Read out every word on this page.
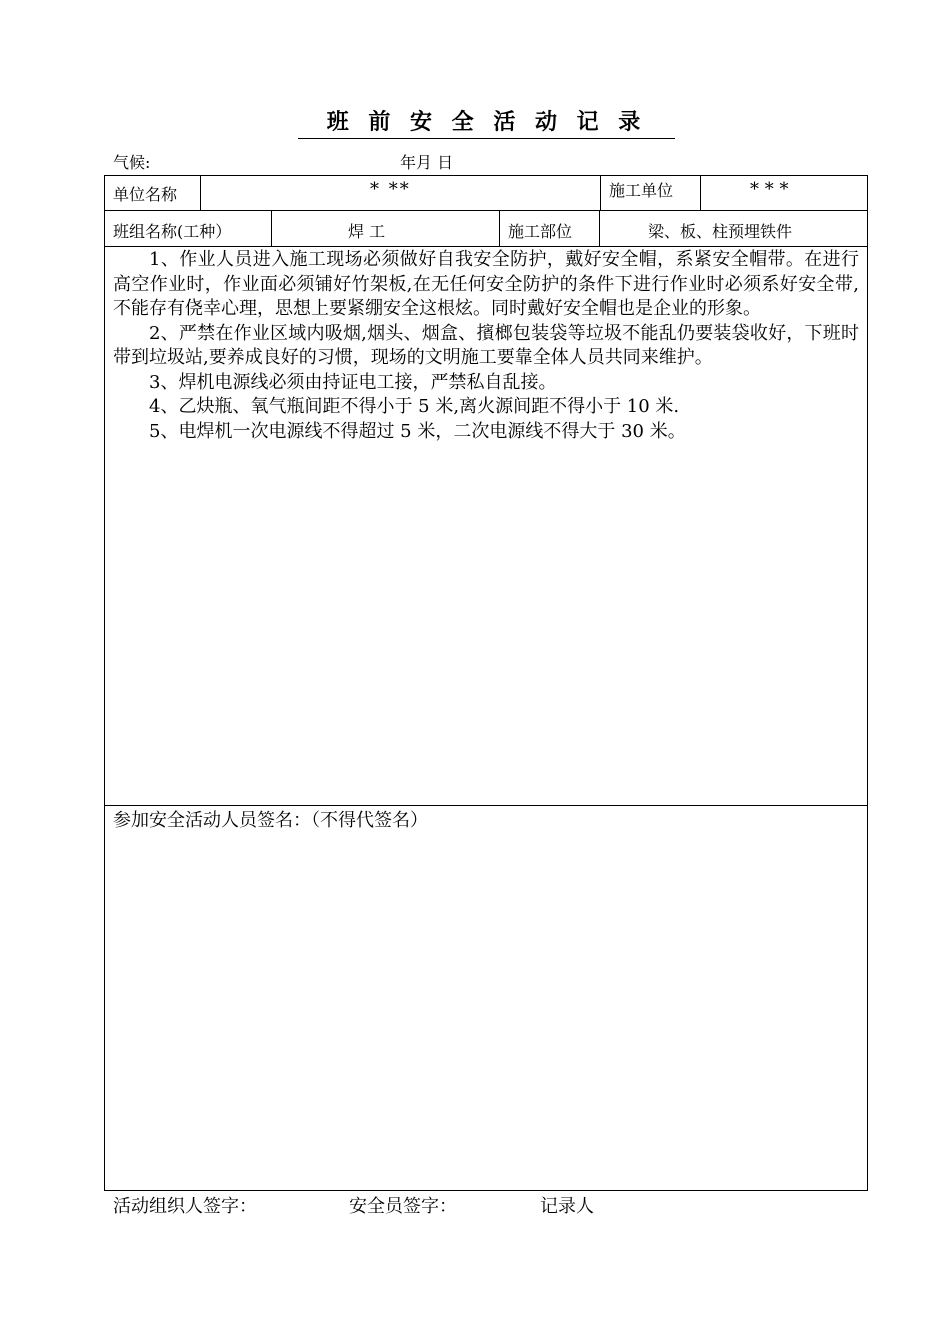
班 前 安 全 活 动 记 录
气候:	年月 日
单位名称	* **	施工单位	* * *
班组名称(工种）	焊 工	施工部位	梁、板、柱预埋铁件

1、作业人员进入施工现场必须做好自我安全防护，戴好安全帽，系紧安全帽带。在进行高空作业时，作业面必须铺好竹架板,在无任何安全防护的条件下进行作业时必须系好安全带,不能存有侥幸心理，思想上要紧绷安全这根炫。同时戴好安全帽也是企业的形象。

2、严禁在作业区域内吸烟,烟头、烟盒、擯榔包装袋等垃圾不能乱仍要装袋收好，下班时带到垃圾站,要养成良好的习惯，现场的文明施工要靠全体人员共同来维护。

3、焊机电源线必须由持证电工接，严禁私自乱接。

4、乙炔瓶、氧气瓶间距不得小于 5 米,离火源间距不得小于 10 米.

5、电焊机一次电源线不得超过 5 米，二次电源线不得大于 30 米。

参加安全活动人员签名：（不得代签名）
活动组织人签字：	安全员签字：	记录人
